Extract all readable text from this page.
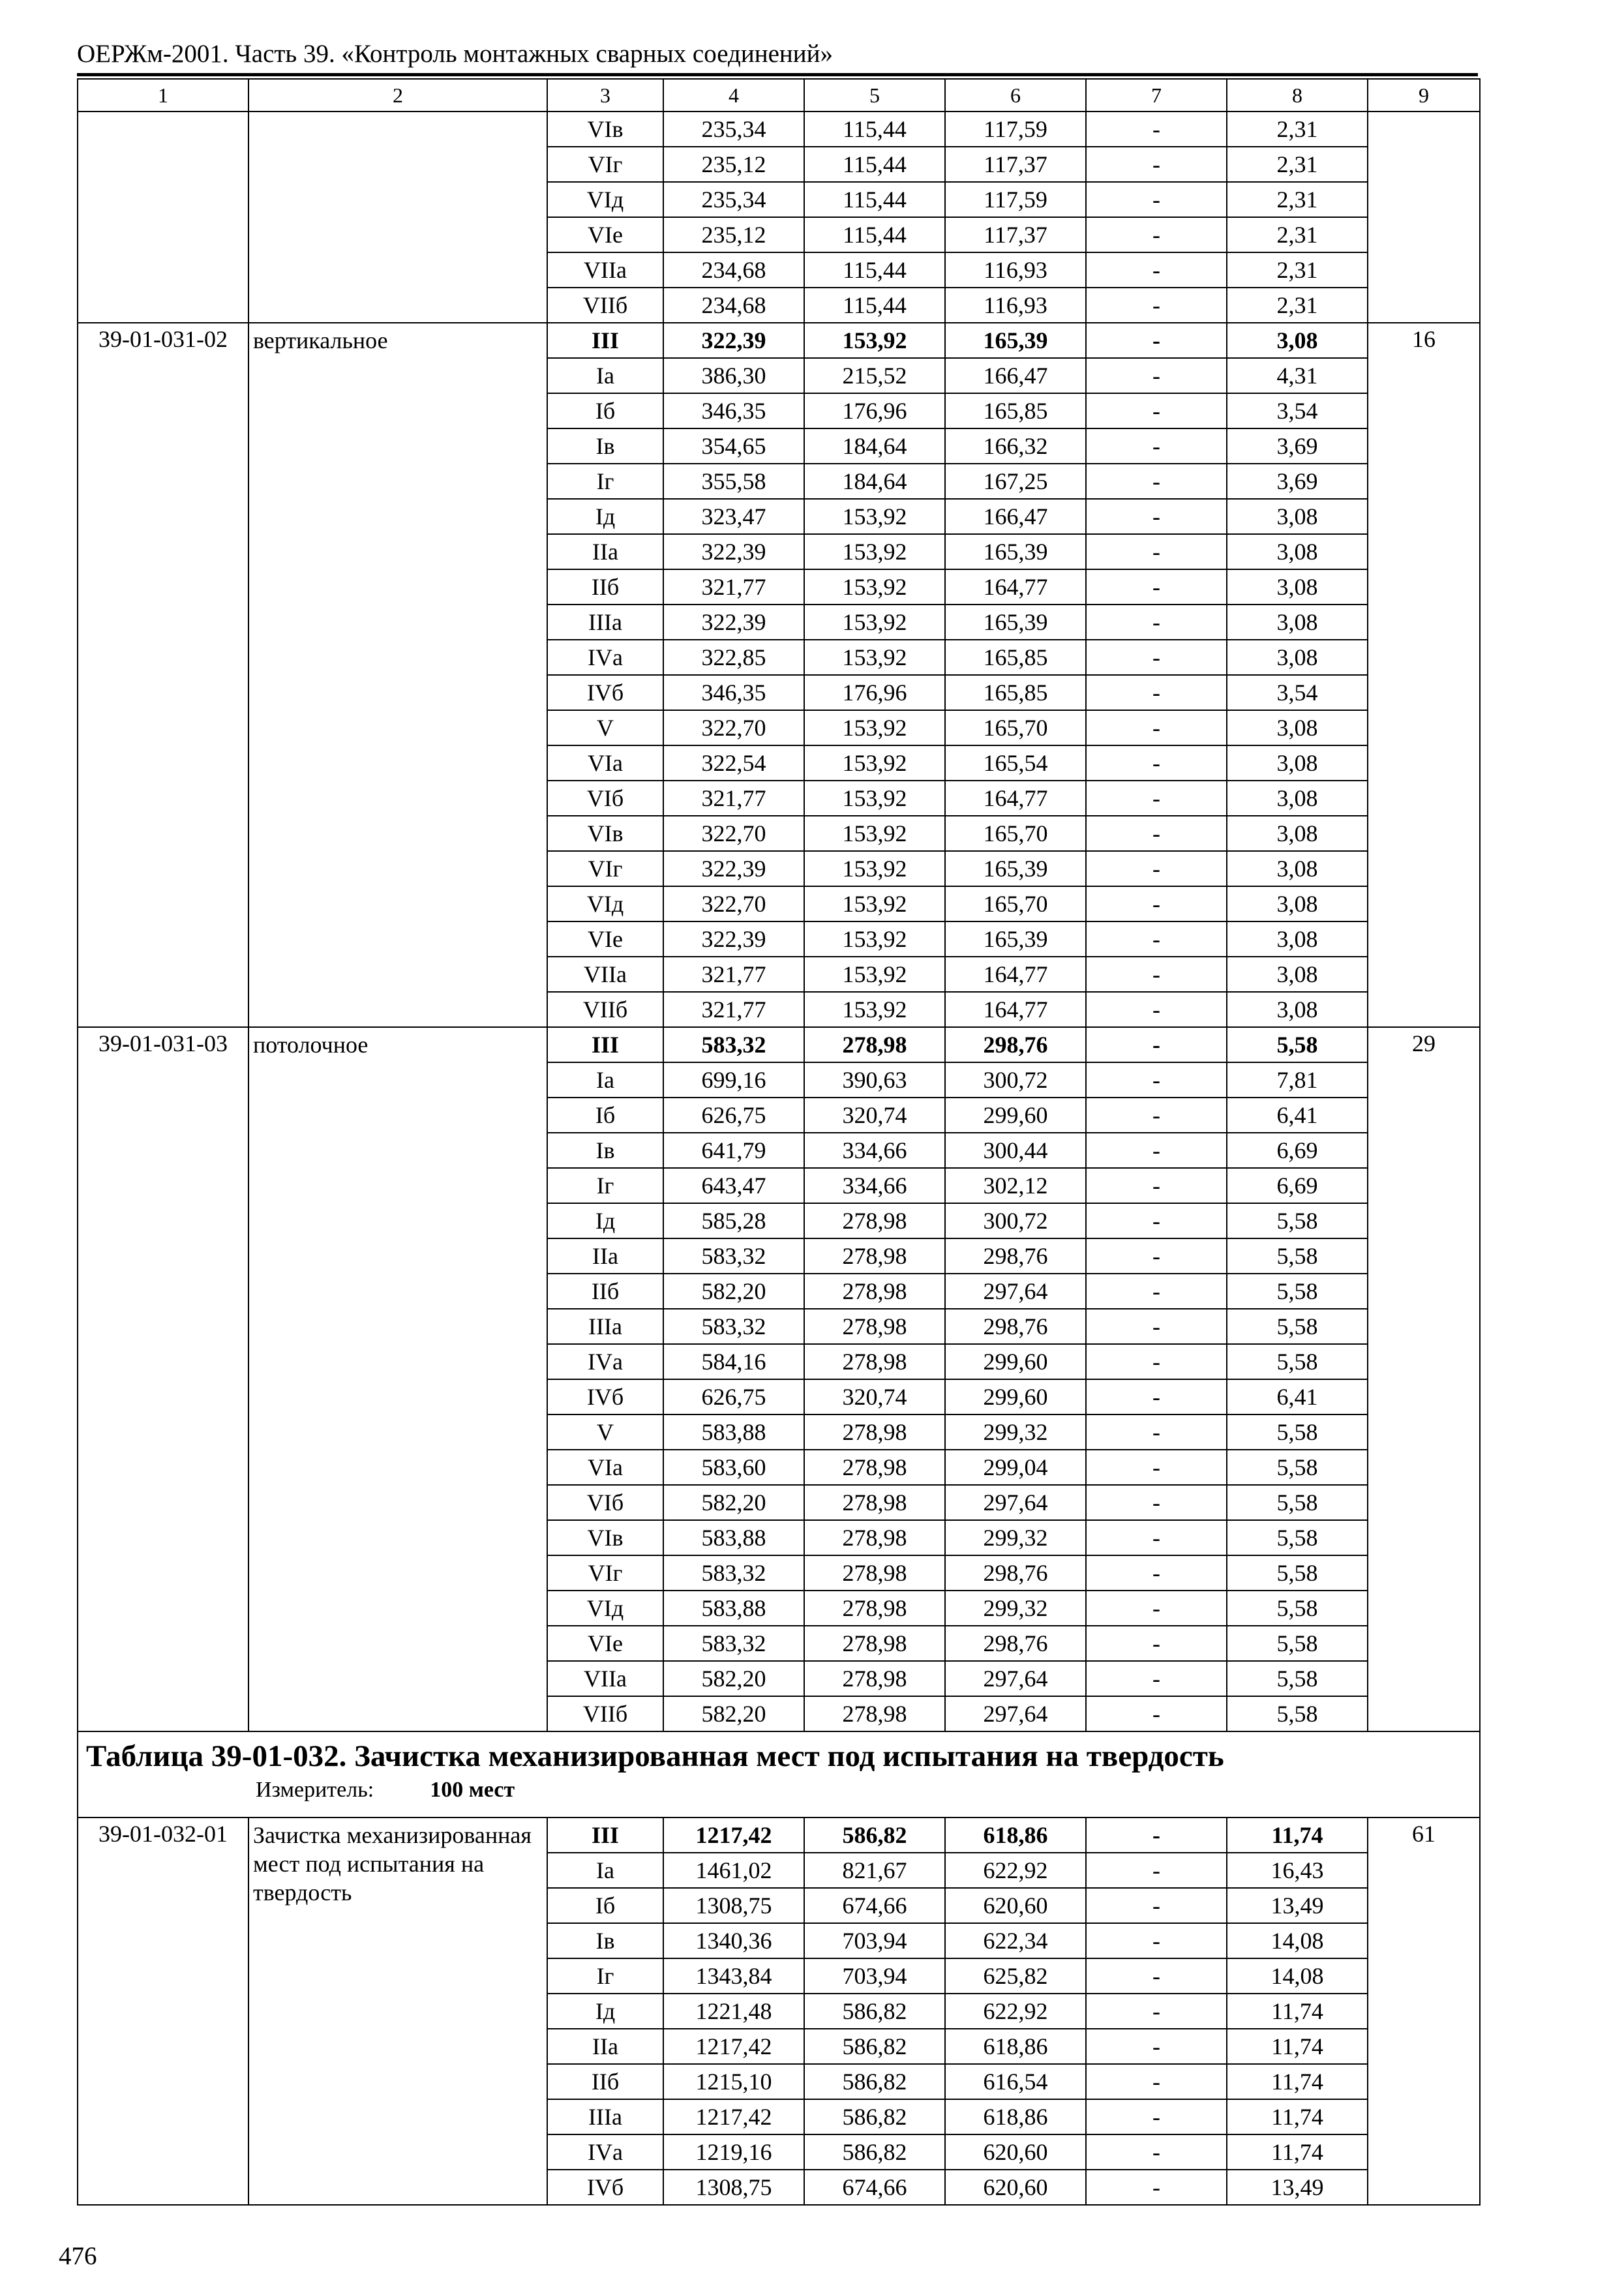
ОЕРЖм-2001. Часть 39. «Контроль монтажных сварных соединений»
1	2	3	4	5	6	7	8	9
		VIв	235,34	115,44	117,59	-	2,31	
		VIг	235,12	115,44	117,37	-	2,31	
		VIд	235,34	115,44	117,59	-	2,31	
		VIе	235,12	115,44	117,37	-	2,31	
		VIIа	234,68	115,44	116,93	-	2,31	
		VIIб	234,68	115,44	116,93	-	2,31	
39-01-031-02	вертикальное	III	322,39	153,92	165,39	-	3,08	16
		Iа	386,30	215,52	166,47	-	4,31	
		Iб	346,35	176,96	165,85	-	3,54	
		Iв	354,65	184,64	166,32	-	3,69	
		Iг	355,58	184,64	167,25	-	3,69	
		Iд	323,47	153,92	166,47	-	3,08	
		IIа	322,39	153,92	165,39	-	3,08	
		IIб	321,77	153,92	164,77	-	3,08	
		IIIа	322,39	153,92	165,39	-	3,08	
		IVа	322,85	153,92	165,85	-	3,08	
		IVб	346,35	176,96	165,85	-	3,54	
		V	322,70	153,92	165,70	-	3,08	
		VIа	322,54	153,92	165,54	-	3,08	
		VIб	321,77	153,92	164,77	-	3,08	
		VIв	322,70	153,92	165,70	-	3,08	
		VIг	322,39	153,92	165,39	-	3,08	
		VIд	322,70	153,92	165,70	-	3,08	
		VIе	322,39	153,92	165,39	-	3,08	
		VIIа	321,77	153,92	164,77	-	3,08	
		VIIб	321,77	153,92	164,77	-	3,08	
39-01-031-03	потолочное	III	583,32	278,98	298,76	-	5,58	29
		Iа	699,16	390,63	300,72	-	7,81	
		Iб	626,75	320,74	299,60	-	6,41	
		Iв	641,79	334,66	300,44	-	6,69	
		Iг	643,47	334,66	302,12	-	6,69	
		Iд	585,28	278,98	300,72	-	5,58	
		IIа	583,32	278,98	298,76	-	5,58	
		IIб	582,20	278,98	297,64	-	5,58	
		IIIа	583,32	278,98	298,76	-	5,58	
		IVа	584,16	278,98	299,60	-	5,58	
		IVб	626,75	320,74	299,60	-	6,41	
		V	583,88	278,98	299,32	-	5,58	
		VIа	583,60	278,98	299,04	-	5,58	
		VIб	582,20	278,98	297,64	-	5,58	
		VIв	583,88	278,98	299,32	-	5,58	
		VIг	583,32	278,98	298,76	-	5,58	
		VIд	583,88	278,98	299,32	-	5,58	
		VIе	583,32	278,98	298,76	-	5,58	
		VIIа	582,20	278,98	297,64	-	5,58	
		VIIб	582,20	278,98	297,64	-	5,58	

Таблица 39-01-032. Зачистка механизированная мест под испытания на твердость
Измеритель: 100 мест								

39-01-032-01	Зачистка механизированная мест под испытания на твердость	III	1217,42	586,82	618,86	-	11,74	61
		Iа	1461,02	821,67	622,92	-	16,43	
		Iб	1308,75	674,66	620,60	-	13,49	
		Iв	1340,36	703,94	622,34	-	14,08	
		Iг	1343,84	703,94	625,82	-	14,08	
		Iд	1221,48	586,82	622,92	-	11,74	
		IIа	1217,42	586,82	618,86	-	11,74	
		IIб	1215,10	586,82	616,54	-	11,74	
		IIIа	1217,42	586,82	618,86	-	11,74	
		IVа	1219,16	586,82	620,60	-	11,74	
		IVб	1308,75	674,66	620,60	-	13,49	
476
